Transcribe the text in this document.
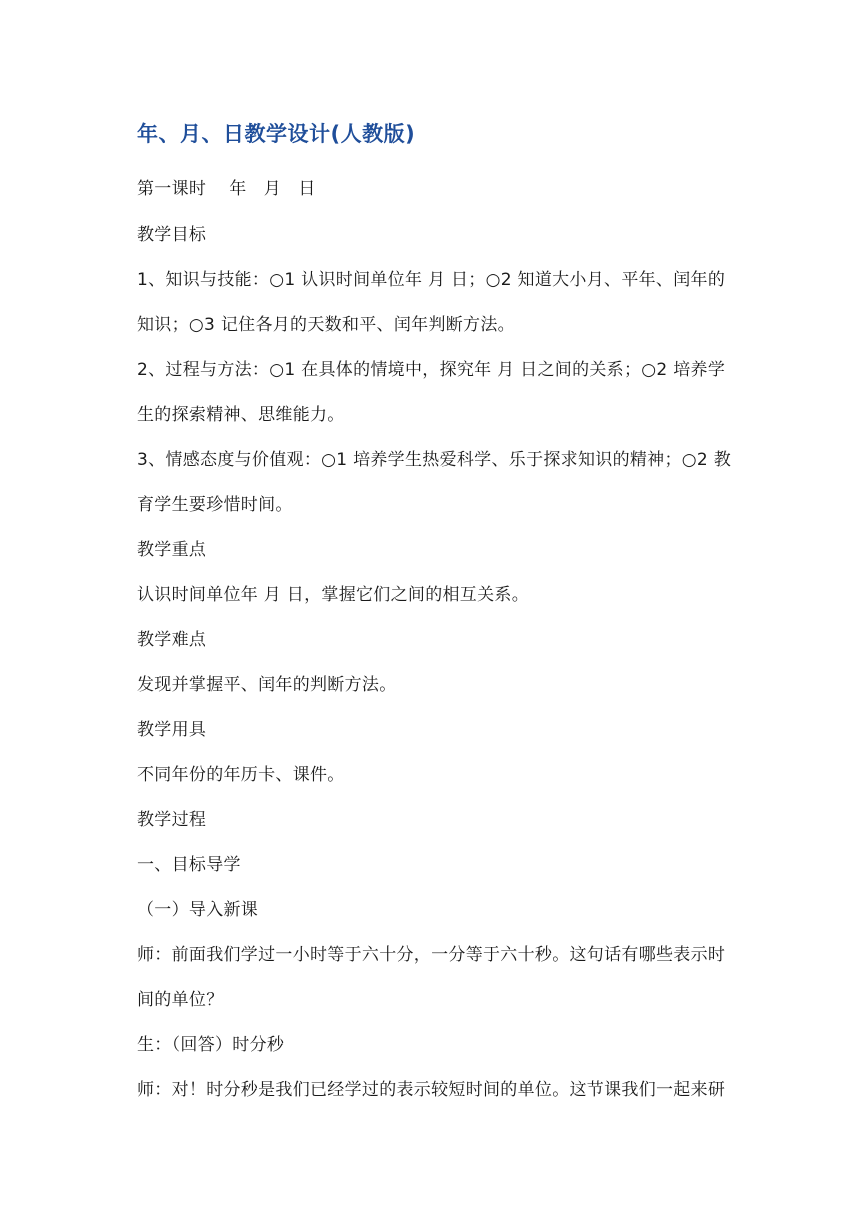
年、月、日教学设计(人教版)
第一课时　 年　月　日
教学目标
1、知识与技能：○1 认识时间单位年 月 日；○2 知道大小月、平年、闰年的
知识；○3 记住各月的天数和平、闰年判断方法。
2、过程与方法：○1 在具体的情境中，探究年 月 日之间的关系；○2 培养学
生的探索精神、思维能力。
3、情感态度与价值观：○1 培养学生热爱科学、乐于探求知识的精神；○2 教
育学生要珍惜时间。
教学重点
认识时间单位年 月 日，掌握它们之间的相互关系。
教学难点
发现并掌握平、闰年的判断方法。
教学用具
不同年份的年历卡、课件。
教学过程
一、目标导学
（一）导入新课
师：前面我们学过一小时等于六十分，一分等于六十秒。这句话有哪些表示时
间的单位？
生：（回答）时分秒
师：对！时分秒是我们已经学过的表示较短时间的单位。这节课我们一起来研
